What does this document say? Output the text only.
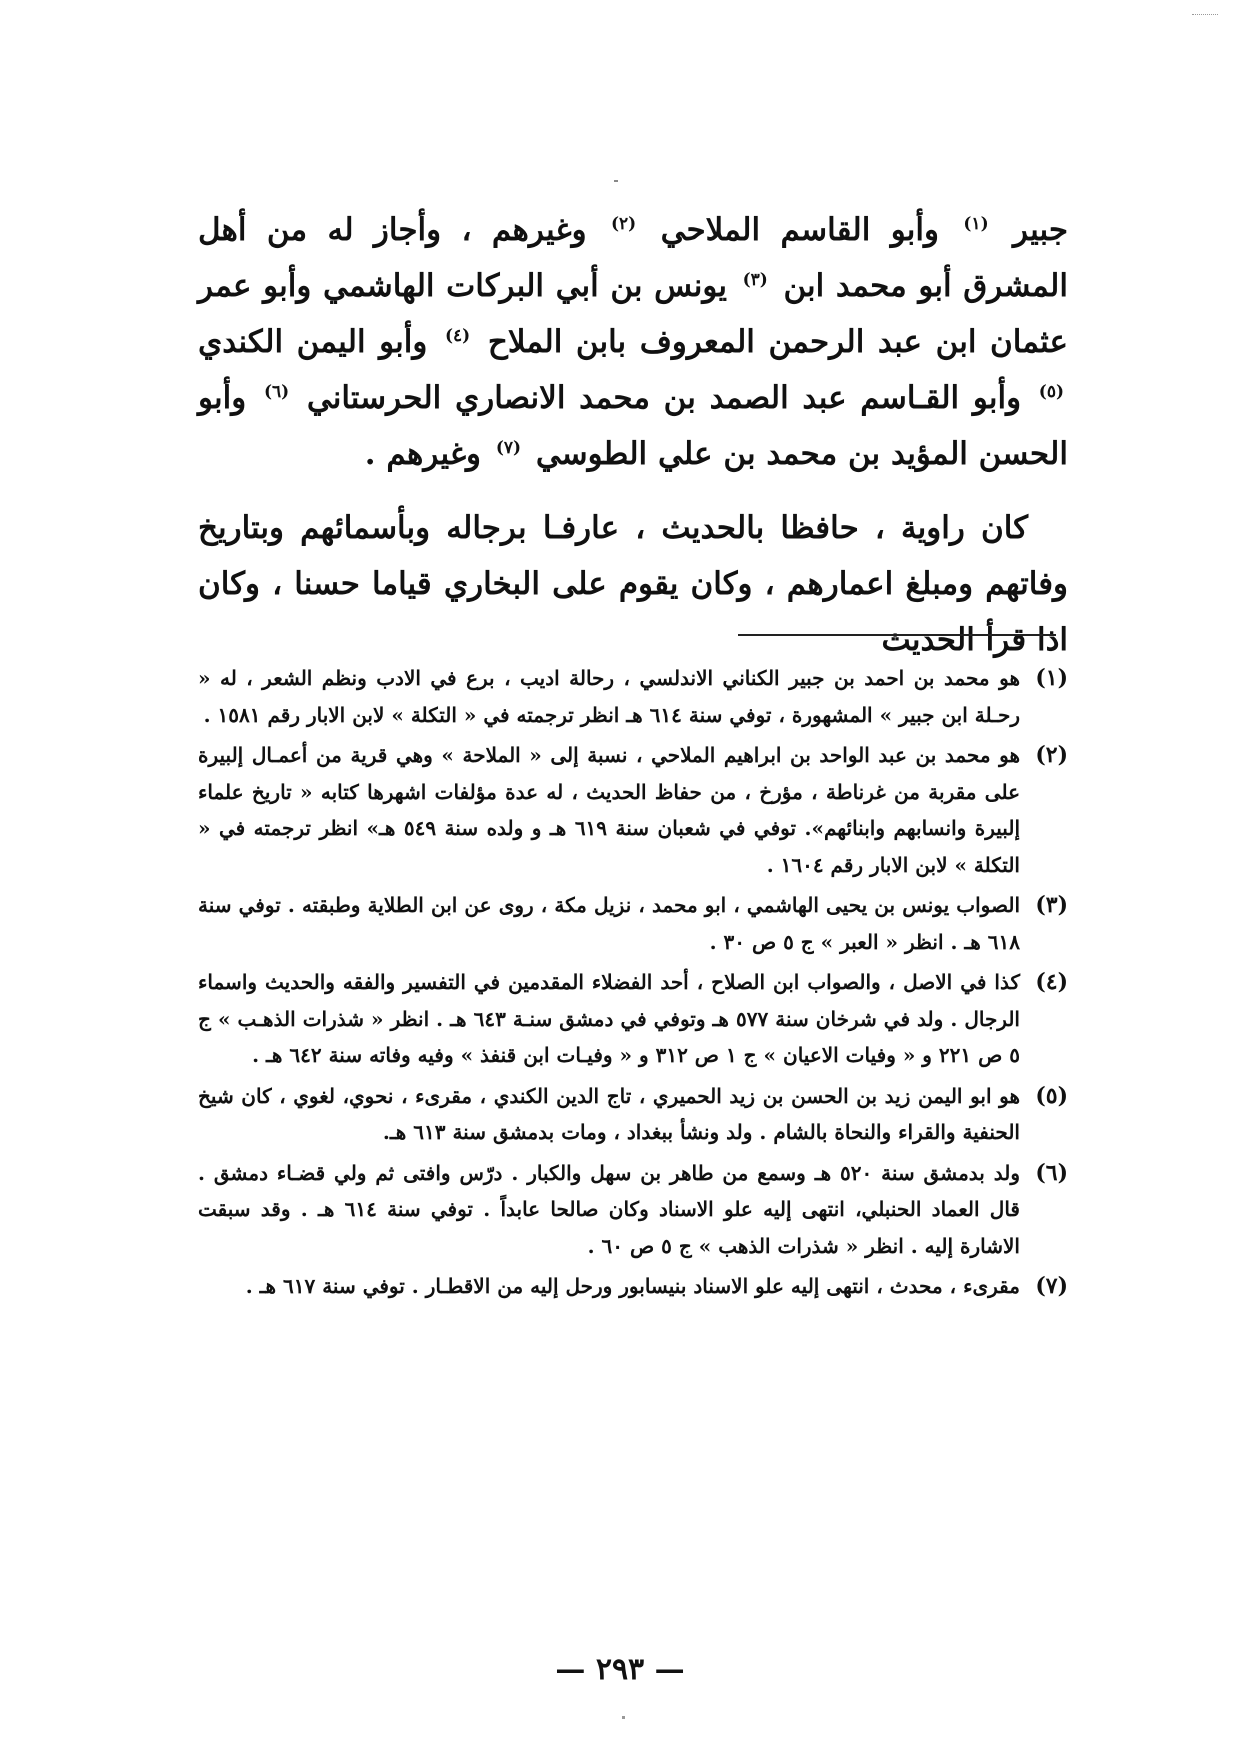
جبير $^{(١)}$ وأبو القاسم الملاحي $^{(٢)}$ وغيرهم ، وأجاز له من أهل المشرق أبو محمد ابن $^{(٣)}$ يونس بن أبي البركات الهاشمي وأبو عمر عثمان ابن عبد الرحمن المعروف بابن الملاح $^{(٤)}$ وأبو اليمن الكندي $^{(٥)}$ وأبو القـاسم عبد الصمد بن محمد الانصاري الحرستاني $^{(٦)}$ وأبو الحسن المؤيد بن محمد بن علي الطوسي $^{(٧)}$ وغيرهم .

كان راوية ، حافظا بالحديث ، عارفـا برجاله وبأسمائهم وبتاريخ وفاتهم ومبلغ اعمارهم ، وكان يقوم على البخاري قياما حسنا ، وكان اذا قرأ الحديث

(١)
هو محمد بن احمد بن جبير الكناني الاندلسي ، رحالة اديب ، برع في الادب ونظم الشعر ، له « رحـلة ابن جبير » المشهورة ، توفي سنة ٦١٤ هـ انظر ترجمته في « التكلة » لابن الابار رقم ١٥٨١ .
(٢)
هو محمد بن عبد الواحد بن ابراهيم الملاحي ، نسبة إلى « الملاحة » وهي قرية من أعمـال إلبيرة على مقربة من غرناطة ، مؤرخ ، من حفاظ الحديث ، له عدة مؤلفات اشهرها كتابه « تاريخ علماء إلبيرة وانسابهم وابنائهم». توفي في شعبان سنة ٦١٩ هـ و ولده سنة ٥٤٩ هـ» انظر ترجمته في « التكلة » لابن الابار رقم ١٦٠٤ .
(٣)
الصواب يونس بن يحيى الهاشمي ، ابو محمد ، نزيل مكة ، روى عن ابن الطلاية وطبقته . توفي سنة ٦١٨ هـ . انظر « العبر » ج ٥ ص ٣٠ .
(٤)
كذا في الاصل ، والصواب ابن الصلاح ، أحد الفضلاء المقدمين في التفسير والفقه والحديث واسماء الرجال . ولد في شرخان سنة ٥٧٧ هـ وتوفي في دمشق سنـة ٦٤٣ هـ . انظر « شذرات الذهـب » ج ٥ ص ٢٢١ و « وفيات الاعيان » ج ١ ص ٣١٢ و « وفيـات ابن قنفذ » وفيه وفاته سنة ٦٤٢ هـ .
(٥)
هو ابو اليمن زيد بن الحسن بن زيد الحميري ، تاج الدين الكندي ، مقرىء ، نحوي، لغوي ، كان شيخ الحنفية والقراء والنحاة بالشام . ولد ونشأ ببغداد ، ومات بدمشق سنة ٦١٣ هـ.
(٦)
ولد بدمشق سنة ٥٢٠ هـ وسمع من طاهر بن سهل والكبار . درّس وافتى ثم ولي قضـاء دمشق . قال العماد الحنبلي، انتهى إليه علو الاسناد وكان صالحا عابداً . توفي سنة ٦١٤ هـ . وقد سبقت الاشارة إليه . انظر « شذرات الذهب » ج ٥ ص ٦٠ .
(٧)
مقرىء ، محدث ، انتهى إليه علو الاسناد بنيسابور ورحل إليه من الاقطـار . توفي سنة ٦١٧ هـ .
— ٢٩٣ —
